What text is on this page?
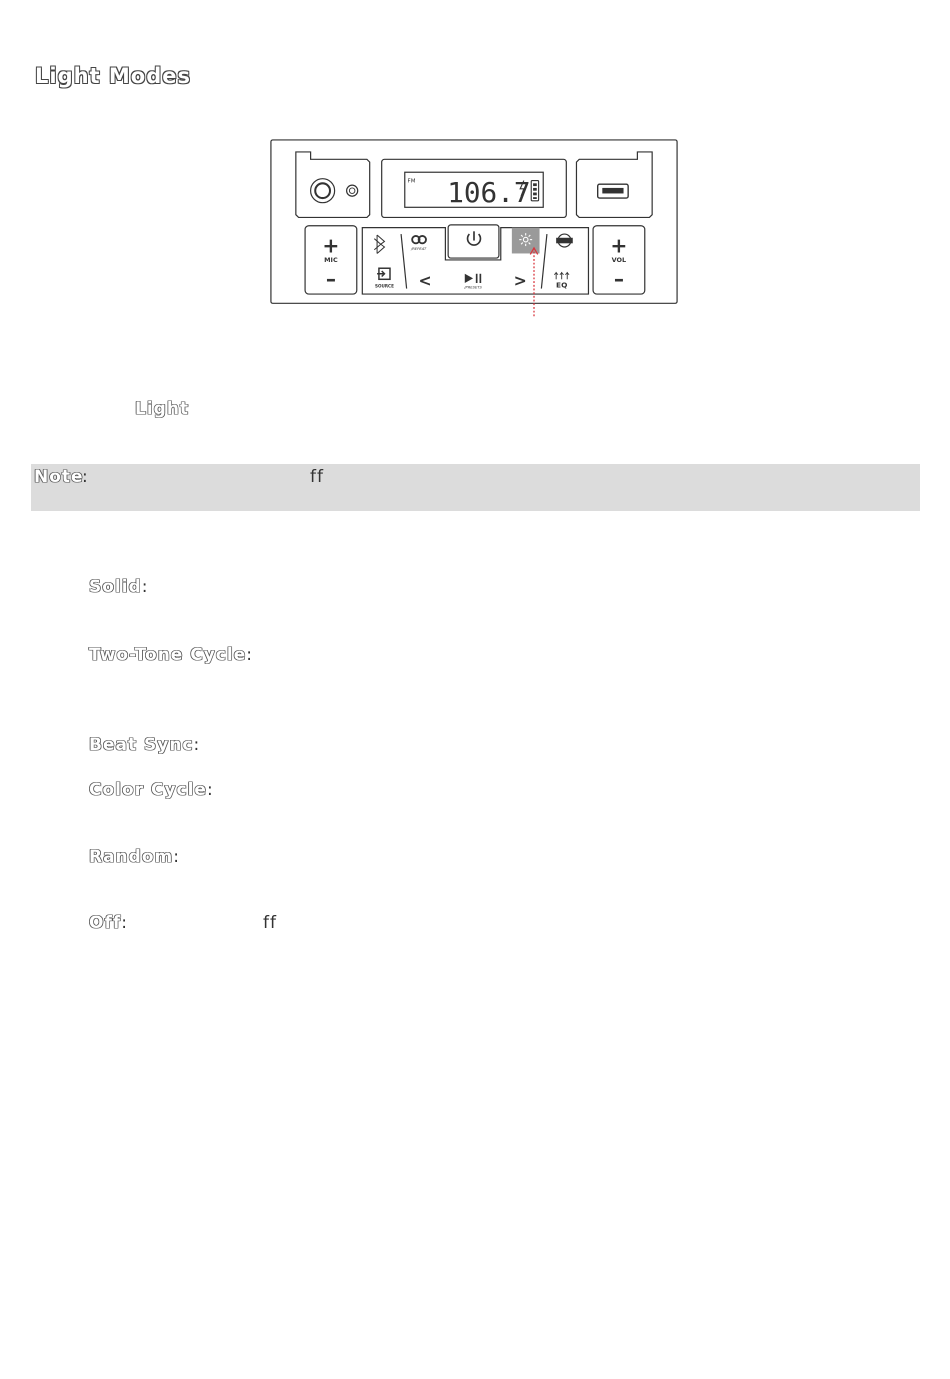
Light Modes
FM 106.7
+
MIC
–
+
VOL
–
/REPEAT
SOURCE <	/PRESETS >	EQ
Light
Note
:	ff
Solid:
Two-Tone Cycle:
Beat Sync:
Color Cycle:
Random:
Off:	ff
